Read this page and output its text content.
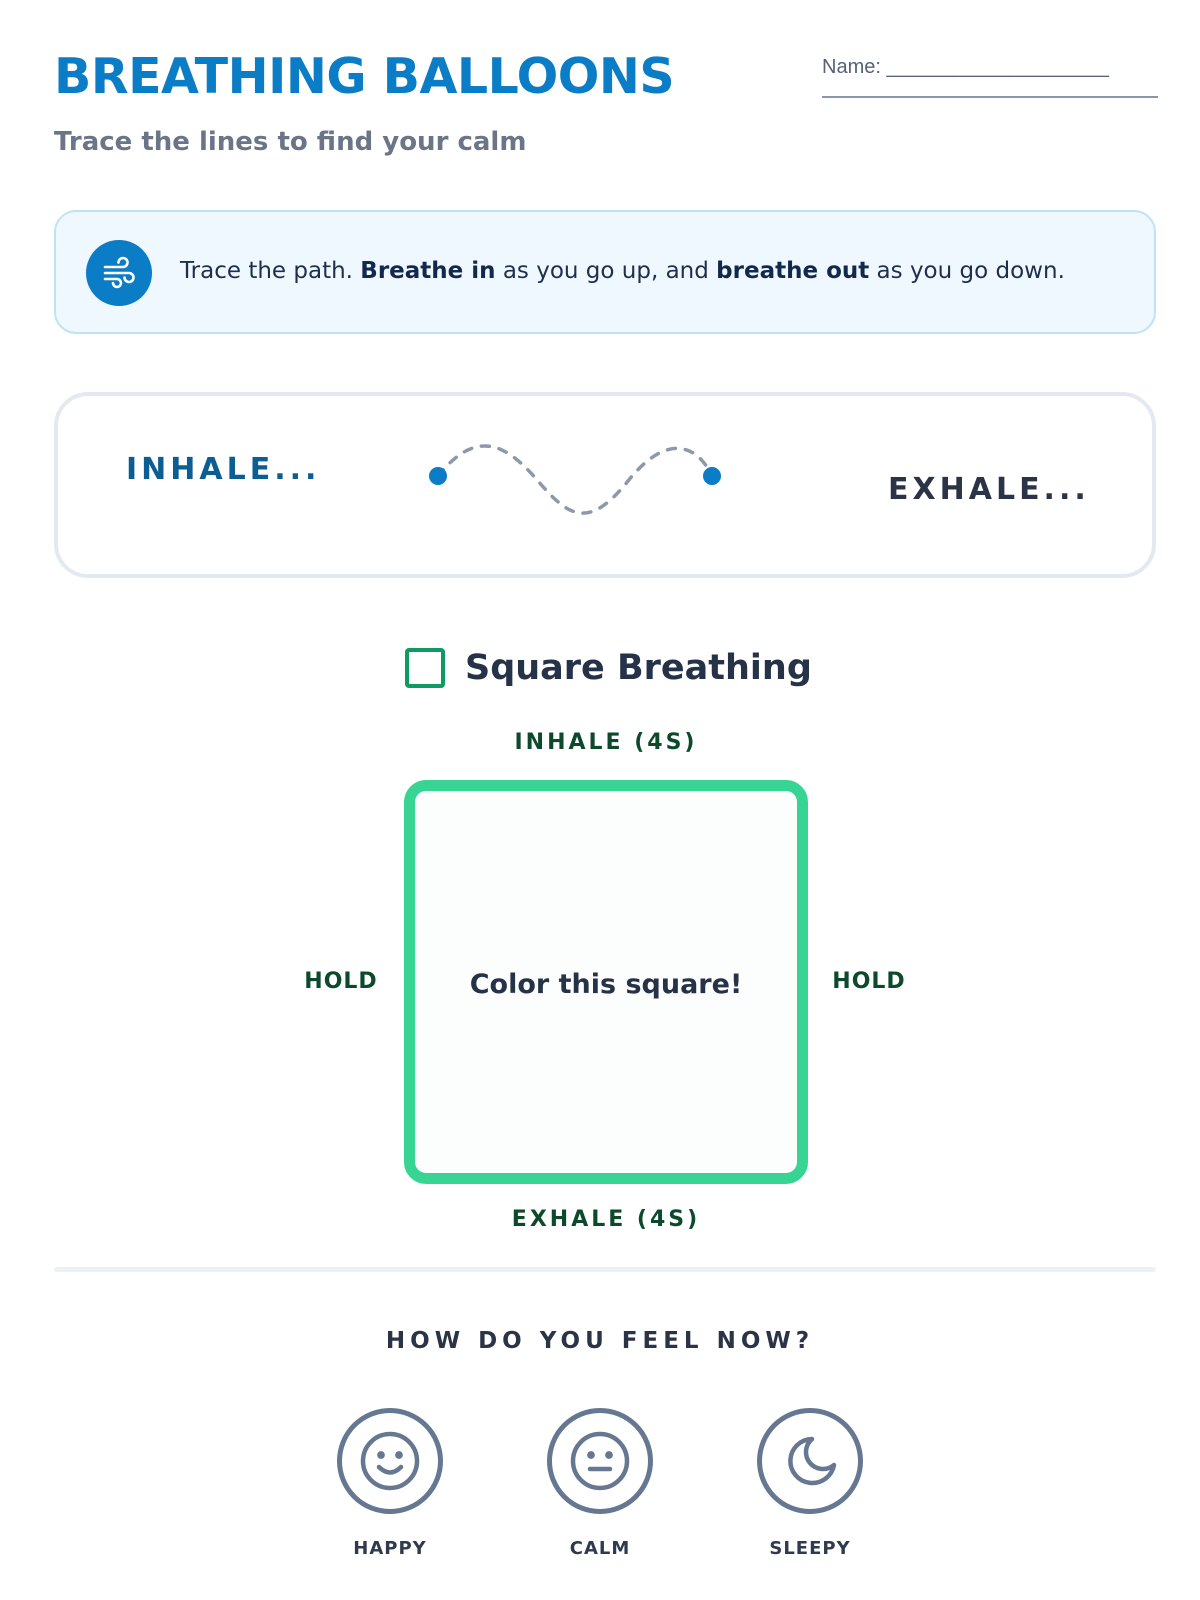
BREATHING BALLOONS

Trace the lines to find your calm

Name: ____________________
Trace the path. Breathe in as you go up, and breathe out as you go down.
INHALE...
EXHALE...
Square Breathing
INHALE (4S)
HOLD	Color this square!	HOLD
EXHALE (4S)
HOW DO YOU FEEL NOW?
HAPPY	CALM	SLEEPY
